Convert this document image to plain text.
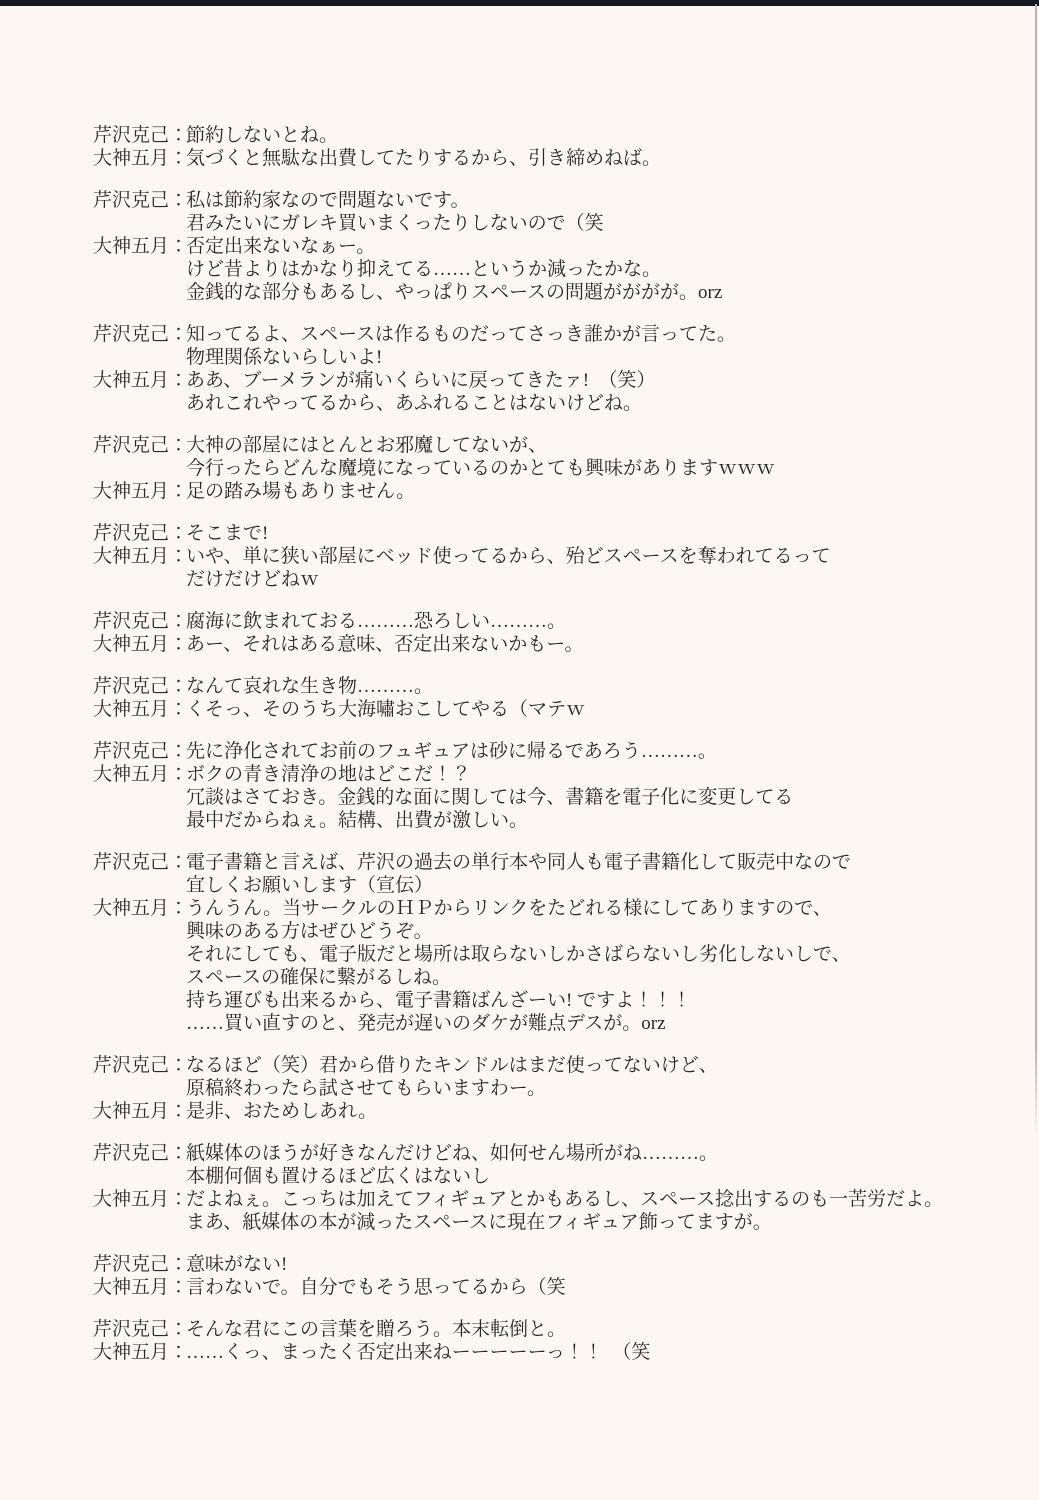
芹沢克己：
節約しないとね。
大神五月：
気づくと無駄な出費してたりするから、引き締めねば。
芹沢克己：
私は節約家なので問題ないです。
君みたいにガレキ買いまくったりしないので（笑
大神五月：
否定出来ないなぁー。
けど昔よりはかなり抑えてる……というか減ったかな。
金銭的な部分もあるし、やっぱりスペースの問題がががが。orz
芹沢克己：
知ってるよ、スペースは作るものだってさっき誰かが言ってた。
物理関係ないらしいよ!
大神五月：
ああ、ブーメランが痛いくらいに戻ってきたァ!　（笑）
あれこれやってるから、あふれることはないけどね。
芹沢克己：
大神の部屋にはとんとお邪魔してないが、
今行ったらどんな魔境になっているのかとても興味がありますｗｗｗ
大神五月：
足の踏み場もありません。
芹沢克己：
そこまで!
大神五月：
いや、単に狭い部屋にベッド使ってるから、殆どスペースを奪われてるって
だけだけどねｗ
芹沢克己：
腐海に飲まれておる………恐ろしい………。
大神五月：
あー、それはある意味、否定出来ないかもー。
芹沢克己：
なんて哀れな生き物………。
大神五月：
くそっ、そのうち大海嘯おこしてやる（マテｗ
芹沢克己：
先に浄化されてお前のフュギュアは砂に帰るであろう………。
大神五月：
ボクの青き清浄の地はどこだ！？
冗談はさておき。金銭的な面に関しては今、書籍を電子化に変更してる
最中だからねぇ。結構、出費が激しい。
芹沢克己：
電子書籍と言えば、芹沢の過去の単行本や同人も電子書籍化して販売中なので
宜しくお願いします（宣伝）
大神五月：
うんうん。当サークルのＨＰからリンクをたどれる様にしてありますので、
興味のある方はぜひどうぞ。
それにしても、電子版だと場所は取らないしかさばらないし劣化しないしで、
スペースの確保に繋がるしね。
持ち運びも出来るから、電子書籍ばんざーい! ですよ！！！
……買い直すのと、発売が遅いのダケが難点デスが。orz
芹沢克己：
なるほど（笑）君から借りたキンドルはまだ使ってないけど、
原稿終わったら試させてもらいますわー。
大神五月：
是非、おためしあれ。
芹沢克己：
紙媒体のほうが好きなんだけどね、如何せん場所がね………。
本棚何個も置けるほど広くはないし
大神五月：
だよねぇ。こっちは加えてフィギュアとかもあるし、スペース捻出するのも一苦労だよ。
まあ、紙媒体の本が減ったスペースに現在フィギュア飾ってますが。
芹沢克己：
意味がない!
大神五月：
言わないで。自分でもそう思ってるから（笑
芹沢克己：
そんな君にこの言葉を贈ろう。本末転倒と。
大神五月：
……くっ、まったく否定出来ねーーーーーっ！！　（笑
